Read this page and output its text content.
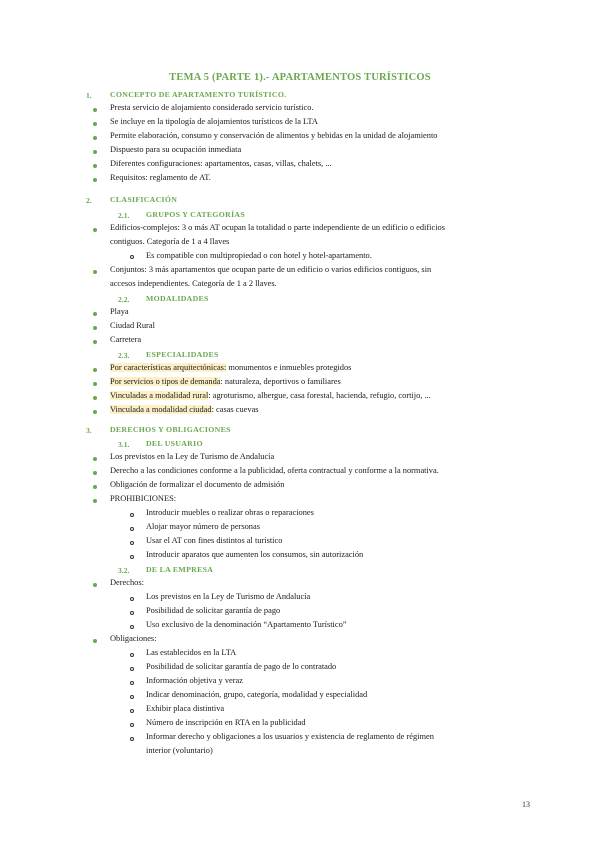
TEMA 5 (PARTE 1).- APARTAMENTOS TURÍSTICOS
1. CONCEPTO DE APARTAMENTO TURÍSTICO.
Presta servicio de alojamiento considerado servicio turístico.
Se incluye en la tipología de alojamientos turísticos de la LTA
Permite elaboración, consumo y conservación de alimentos y bebidas en la unidad de alojamiento
Dispuesto para su ocupación inmediata
Diferentes configuraciones: apartamentos, casas, villas, chalets, ...
Requisitos: reglamento de AT.
2. CLASIFICACIÓN
2.1. GRUPOS Y CATEGORÍAS
Edificios-complejos: 3 o más AT ocupan la totalidad o parte independiente de un edificio o edificios
contiguos. Categoría de 1 a 4 llaves
Es compatible con multipropiedad o con hotel y hotel-apartamento.
Conjuntos: 3 más apartamentos que ocupan parte de un edificio o varios edificios contiguos, sin
accesos independientes. Categoría de 1 a 2 llaves.
2.2. MODALIDADES
Playa
Ciudad Rural
Carretera
2.3. ESPECIALIDADES
Por características arquitectónicas: monumentos e inmuebles protegidos
Por servicios o tipos de demanda: naturaleza, deportivos o familiares
Vinculadas a modalidad rural: agroturismo, albergue, casa forestal, hacienda, refugio, cortijo, ...
Vinculada a modalidad ciudad: casas cuevas
3. DERECHOS Y OBLIGACIONES
3.1. DEL USUARIO
Los previstos en la Ley de Turismo de Andalucía
Derecho a las condiciones conforme a la publicidad, oferta contractual y conforme a la normativa.
Obligación de formalizar el documento de admisión
PROHIBICIONES:
Introducir muebles o realizar obras o reparaciones
Alojar mayor número de personas
Usar el AT con fines distintos al turístico
Introducir aparatos que aumenten los consumos, sin autorización
3.2. DE LA EMPRESA
Derechos:
Los previstos en la Ley de Turismo de Andalucía
Posibilidad de solicitar garantía de pago
Uso exclusivo de la denominación “Apartamento Turístico”
Obligaciones:
Las establecidos en la LTA
Posibilidad de solicitar garantía de pago de lo contratado
Información objetiva y veraz
Indicar denominación, grupo, categoría, modalidad y especialidad
Exhibir placa distintiva
Número de inscripción en RTA en la publicidad
Informar derecho y obligaciones a los usuarios y existencia de reglamento de régimen
interior (voluntario)
13
